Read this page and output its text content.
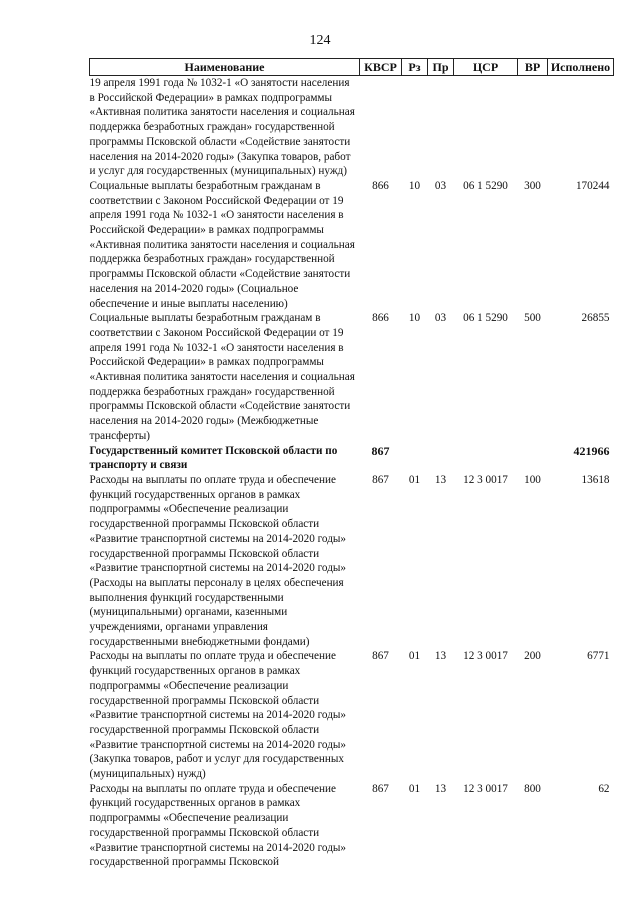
124
Наименование	КВСР	Рз	Пр	ЦСР	ВР	Исполнено
19 апреля 1991 года № 1032-1 «О занятости населения в Российской Федерации» в рамках подпрограммы «Активная политика занятости населения и социальная поддержка безработных граждан» государственной программы Псковской области «Содействие занятости населения на 2014-2020 годы» (Закупка товаров, работ и услуг для государственных (муниципальных) нужд)						
Социальные выплаты безработным гражданам в соответствии с Законом Российской Федерации от 19 апреля 1991 года № 1032-1 «О занятости населения в Российской Федерации» в рамках подпрограммы «Активная политика занятости населения и социальная поддержка безработных граждан» государственной программы Псковской области «Содействие занятости населения на 2014-2020 годы» (Социальное обеспечение и иные выплаты населению)	866	10	03	06 1 5290	300	170244
Социальные выплаты безработным гражданам в соответствии с Законом Российской Федерации от 19 апреля 1991 года № 1032-1 «О занятости населения в Российской Федерации» в рамках подпрограммы «Активная политика занятости населения и социальная поддержка безработных граждан» государственной программы Псковской области «Содействие занятости населения на 2014-2020 годы» (Межбюджетные трансферты)	866	10	03	06 1 5290	500	26855
Государственный комитет Псковской области по транспорту и связи	867					421966
Расходы на выплаты по оплате труда и обеспечение функций государственных органов в рамках подпрограммы «Обеспечение реализации государственной программы Псковской области «Развитие транспортной системы на 2014-2020 годы» государственной программы Псковской области «Развитие транспортной системы на 2014-2020 годы» (Расходы на выплаты персоналу в целях обеспечения выполнения функций государственными (муниципальными) органами, казенными учреждениями, органами управления государственными внебюджетными фондами)	867	01	13	12 3 0017	100	13618
Расходы на выплаты по оплате труда и обеспечение функций государственных органов в рамках подпрограммы «Обеспечение реализации государственной программы Псковской области «Развитие транспортной системы на 2014-2020 годы» государственной программы Псковской области «Развитие транспортной системы на 2014-2020 годы» (Закупка товаров, работ и услуг для государственных (муниципальных) нужд)	867	01	13	12 3 0017	200	6771
Расходы на выплаты по оплате труда и обеспечение функций государственных органов в рамках подпрограммы «Обеспечение реализации государственной программы Псковской области «Развитие транспортной системы на 2014-2020 годы» государственной программы Псковской	867	01	13	12 3 0017	800	62
